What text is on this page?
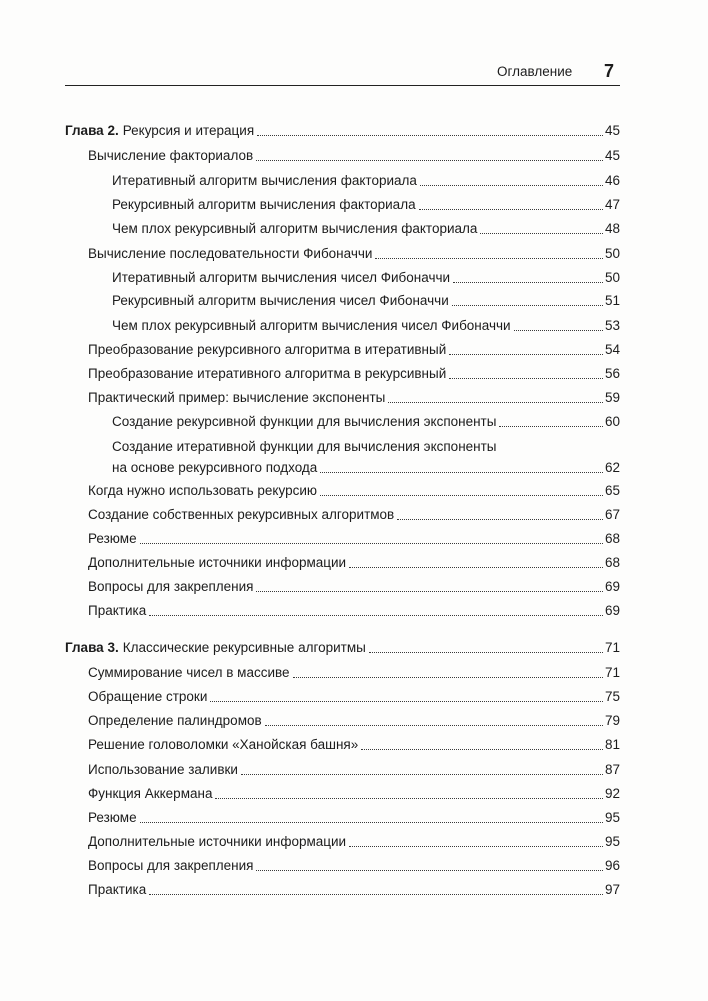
Оглавление 7
Глава 2. Рекурсия и итерация	45
Вычисление факториалов	45
Итеративный алгоритм вычисления факториала	46
Рекурсивный алгоритм вычисления факториала	47
Чем плох рекурсивный алгоритм вычисления факториала	48
Вычисление последовательности Фибоначчи	50
Итеративный алгоритм вычисления чисел Фибоначчи	50
Рекурсивный алгоритм вычисления чисел Фибоначчи	51
Чем плох рекурсивный алгоритм вычисления чисел Фибоначчи	53
Преобразование рекурсивного алгоритма в итеративный	54
Преобразование итеративного алгоритма в рекурсивный	56
Практический пример: вычисление экспоненты	59
Создание рекурсивной функции для вычисления экспоненты	60
Создание итеративной функции для вычисления экспоненты
на основе рекурсивного подхода	62
Когда нужно использовать рекурсию	65
Создание собственных рекурсивных алгоритмов	67
Резюме	68
Дополнительные источники информации	68
Вопросы для закрепления	69
Практика	69
Глава 3. Классические рекурсивные алгоритмы	71
Суммирование чисел в массиве	71
Обращение строки	75
Определение палиндромов	79
Решение головоломки «Ханойская башня»	81
Использование заливки	87
Функция Аккермана	92
Резюме	95
Дополнительные источники информации	95
Вопросы для закрепления	96
Практика	97
